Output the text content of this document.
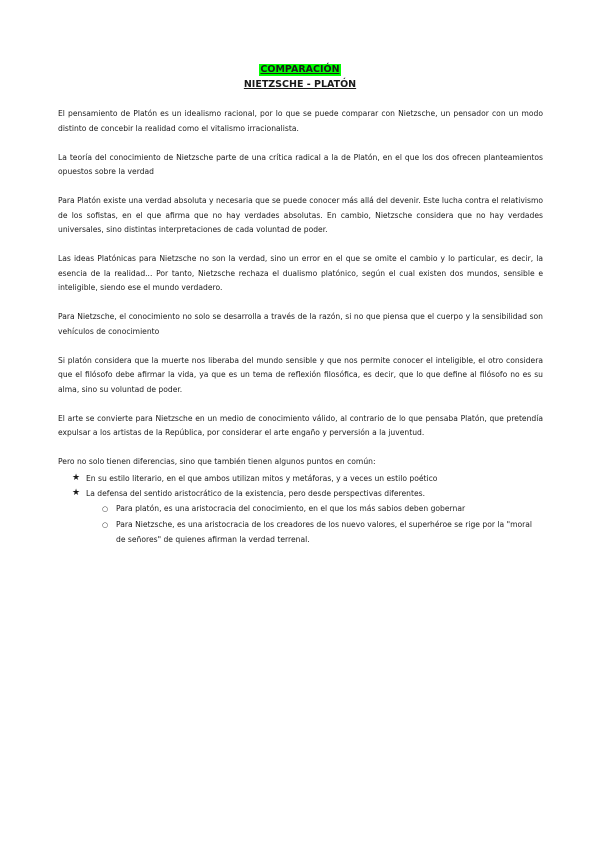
COMPARACIÓN
NIETZSCHE - PLATÓN

El pensamiento de Platón es un idealismo racional, por lo que se puede comparar con Nietzsche, un pensador con un modo distinto de concebir la realidad como el vitalismo irracionalista.

La teoría del conocimiento de Nietzsche parte de una crítica radical a la de Platón, en el que los dos ofrecen planteamientos opuestos sobre la verdad

Para Platón existe una verdad absoluta y necesaria que se puede conocer más allá del devenir. Este lucha contra el relativismo de los sofistas, en el que afirma que no hay verdades absolutas. En cambio, Nietzsche considera que no hay verdades universales, sino distintas interpretaciones de cada voluntad de poder.

Las ideas Platónicas para Nietzsche no son la verdad, sino un error en el que se omite el cambio y lo particular, es decir, la esencia de la realidad... Por tanto, Nietzsche rechaza el dualismo platónico, según el cual existen dos mundos, sensible e inteligible, siendo ese el mundo verdadero.

Para Nietzsche, el conocimiento no solo se desarrolla a través de la razón, si no que piensa que el cuerpo y la sensibilidad son vehículos de conocimiento

Si platón considera que la muerte nos liberaba del mundo sensible y que nos permite conocer el inteligible, el otro considera que el filósofo debe afirmar la vida, ya que es un tema de reflexión filosófica, es decir, que lo que define al filósofo no es su alma, sino su voluntad de poder.

El arte se convierte para Nietzsche en un medio de conocimiento válido, al contrario de lo que pensaba Platón, que pretendía expulsar a los artistas de la República, por considerar el arte engaño y perversión a la juventud.

Pero no solo tienen diferencias, sino que también tienen algunos puntos en común:

★ En su estilo literario, en el que ambos utilizan mitos y metáforas, y a veces un estilo poético
★ La defensa del sentido aristocrático de la existencia, pero desde perspectivas diferentes.
○ Para platón, es una aristocracia del conocimiento, en el que los más sabios deben gobernar
○ Para Nietzsche, es una aristocracia de los creadores de los nuevo valores, el superhéroe se rige por la "moral de señores" de quienes afirman la verdad terrenal.
